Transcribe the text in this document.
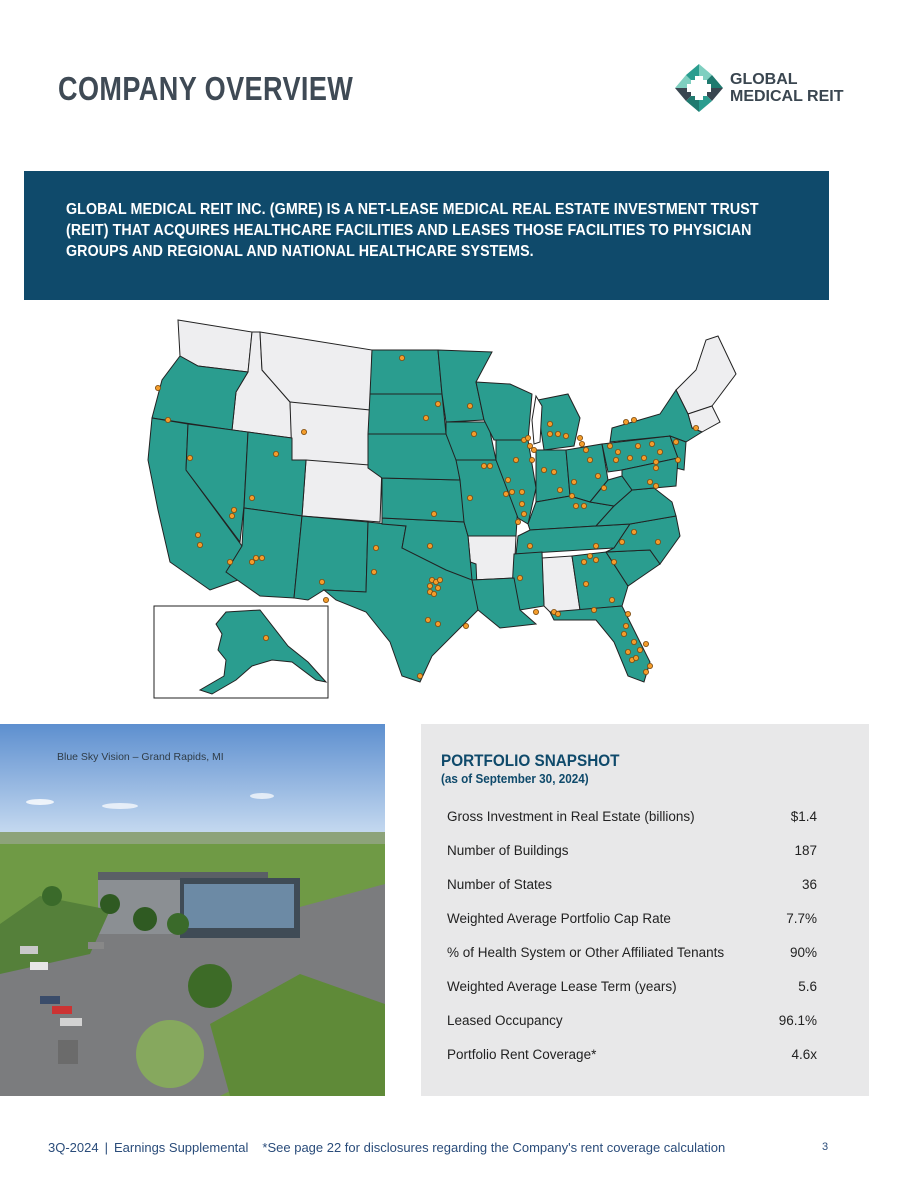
COMPANY OVERVIEW	GLOBAL
MEDICAL REIT
GLOBAL MEDICAL REIT INC. (GMRE) IS A NET-LEASE MEDICAL REAL ESTATE INVESTMENT TRUST (REIT) THAT ACQUIRES HEALTHCARE FACILITIES AND LEASES THOSE FACILITIES TO PHYSICIAN GROUPS AND REGIONAL AND NATIONAL HEALTHCARE SYSTEMS.
Blue Sky Vision – Grand Rapids, MI	PORTFOLIO SNAPSHOT
(as of September 30, 2024)
Gross Investment in Real Estate (billions)	$1.4
Number of Buildings	187
Number of States	36
Weighted Average Portfolio Cap Rate	7.7%
% of Health System or Other Affiliated Tenants	90%
Weighted Average Lease Term (years)	5.6
Leased Occupancy	96.1%
Portfolio Rent Coverage*	4.6x
3Q-2024 | Earnings Supplemental *See page 22 for disclosures regarding the Company's rent coverage calculation	3
